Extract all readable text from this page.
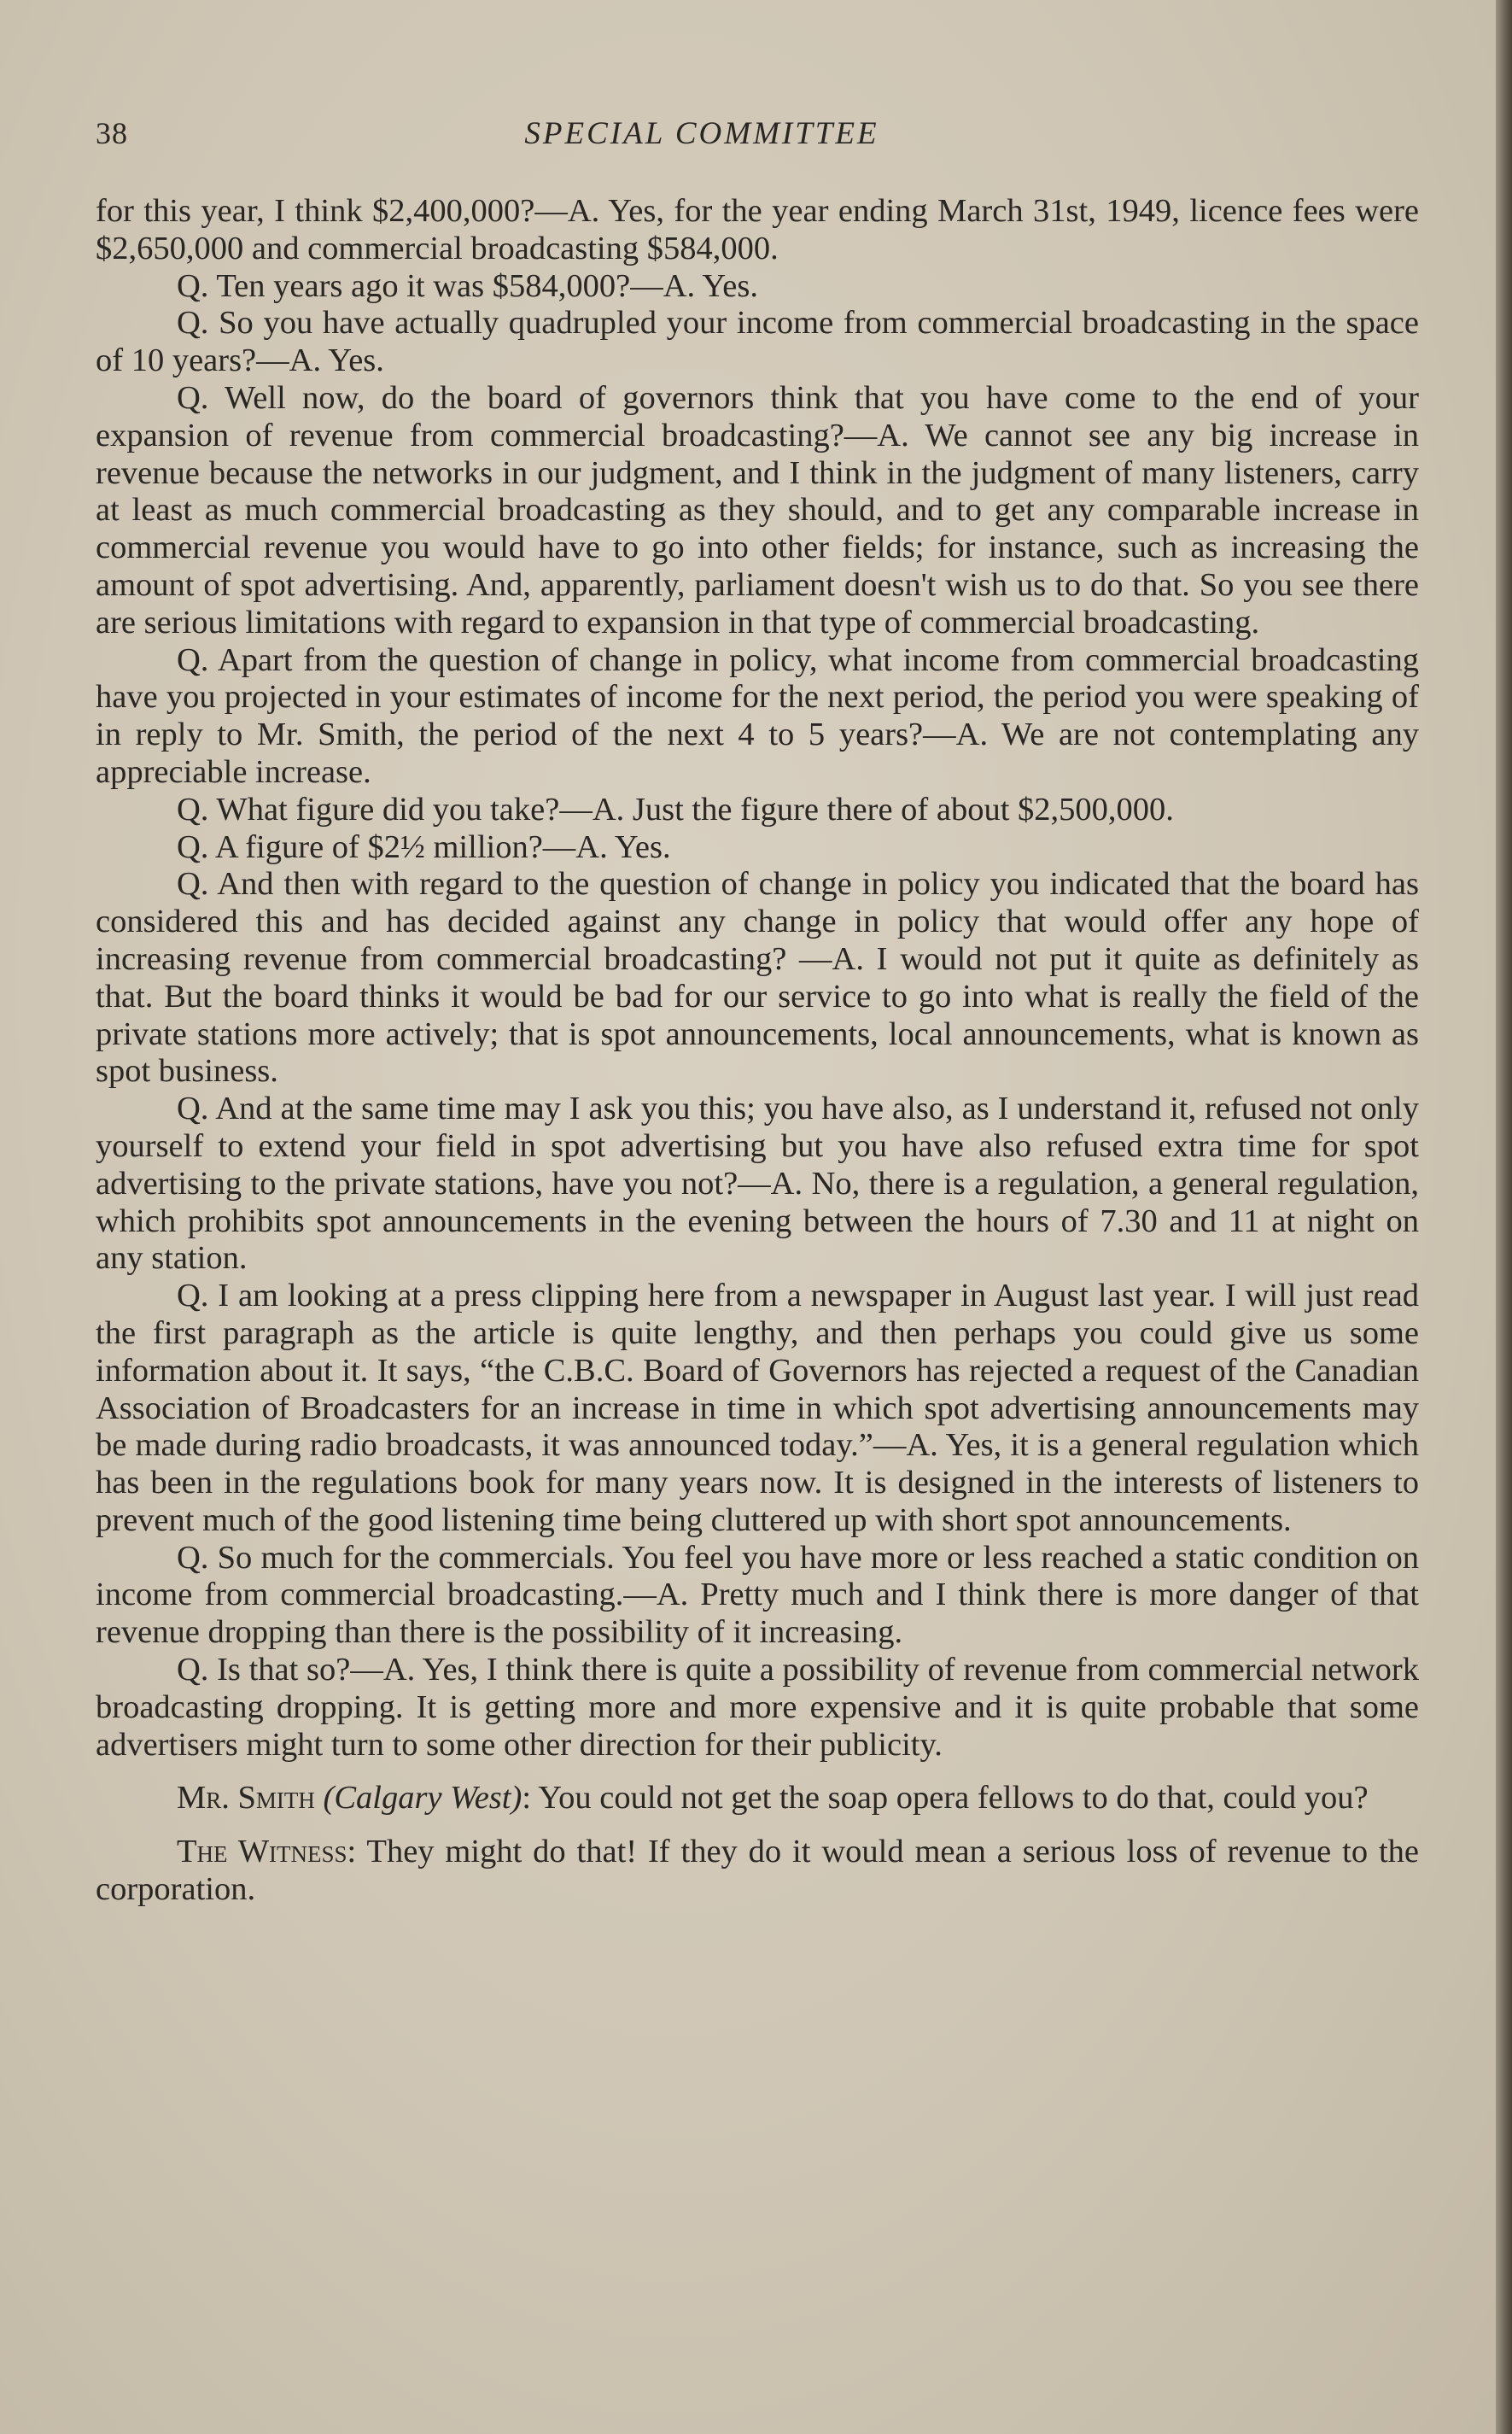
38	SPECIAL COMMITTEE

for this year, I think $2,400,000?—A. Yes, for the year ending March 31st, 1949, licence fees were $2,650,000 and commercial broadcasting $584,000.

Q. Ten years ago it was $584,000?—A. Yes.

Q. So you have actually quadrupled your income from commercial broadcasting in the space of 10 years?—A. Yes.

Q. Well now, do the board of governors think that you have come to the end of your expansion of revenue from commercial broadcasting?—A. We cannot see any big increase in revenue because the networks in our judgment, and I think in the judgment of many listeners, carry at least as much commercial broadcasting as they should, and to get any comparable increase in commercial revenue you would have to go into other fields; for instance, such as increasing the amount of spot advertising. And, apparently, parliament doesn't wish us to do that. So you see there are serious limitations with regard to expansion in that type of commercial broadcasting.

Q. Apart from the question of change in policy, what income from commercial broadcasting have you projected in your estimates of income for the next period, the period you were speaking of in reply to Mr. Smith, the period of the next 4 to 5 years?—A. We are not contemplating any appreciable increase.

Q. What figure did you take?—A. Just the figure there of about $2,500,000.

Q. A figure of $2½ million?—A. Yes.

Q. And then with regard to the question of change in policy you indicated that the board has considered this and has decided against any change in policy that would offer any hope of increasing revenue from commercial broadcasting? —A. I would not put it quite as definitely as that. But the board thinks it would be bad for our service to go into what is really the field of the private stations more actively; that is spot announcements, local announcements, what is known as spot business.

Q. And at the same time may I ask you this; you have also, as I understand it, refused not only yourself to extend your field in spot advertising but you have also refused extra time for spot advertising to the private stations, have you not?—A. No, there is a regulation, a general regulation, which prohibits spot announcements in the evening between the hours of 7.30 and 11 at night on any station.

Q. I am looking at a press clipping here from a newspaper in August last year. I will just read the first paragraph as the article is quite lengthy, and then perhaps you could give us some information about it. It says, “the C.B.C. Board of Governors has rejected a request of the Canadian Association of Broadcasters for an increase in time in which spot advertising announcements may be made during radio broadcasts, it was announced today.”—A. Yes, it is a general regulation which has been in the regulations book for many years now. It is designed in the interests of listeners to prevent much of the good listening time being cluttered up with short spot announcements.

Q. So much for the commercials. You feel you have more or less reached a static condition on income from commercial broadcasting.—A. Pretty much and I think there is more danger of that revenue dropping than there is the possibility of it increasing.

Q. Is that so?—A. Yes, I think there is quite a possibility of revenue from commercial network broadcasting dropping. It is getting more and more expensive and it is quite probable that some advertisers might turn to some other direction for their publicity.

Mr. Smith (Calgary West): You could not get the soap opera fellows to do that, could you?

The Witness: They might do that! If they do it would mean a serious loss of revenue to the corporation.
